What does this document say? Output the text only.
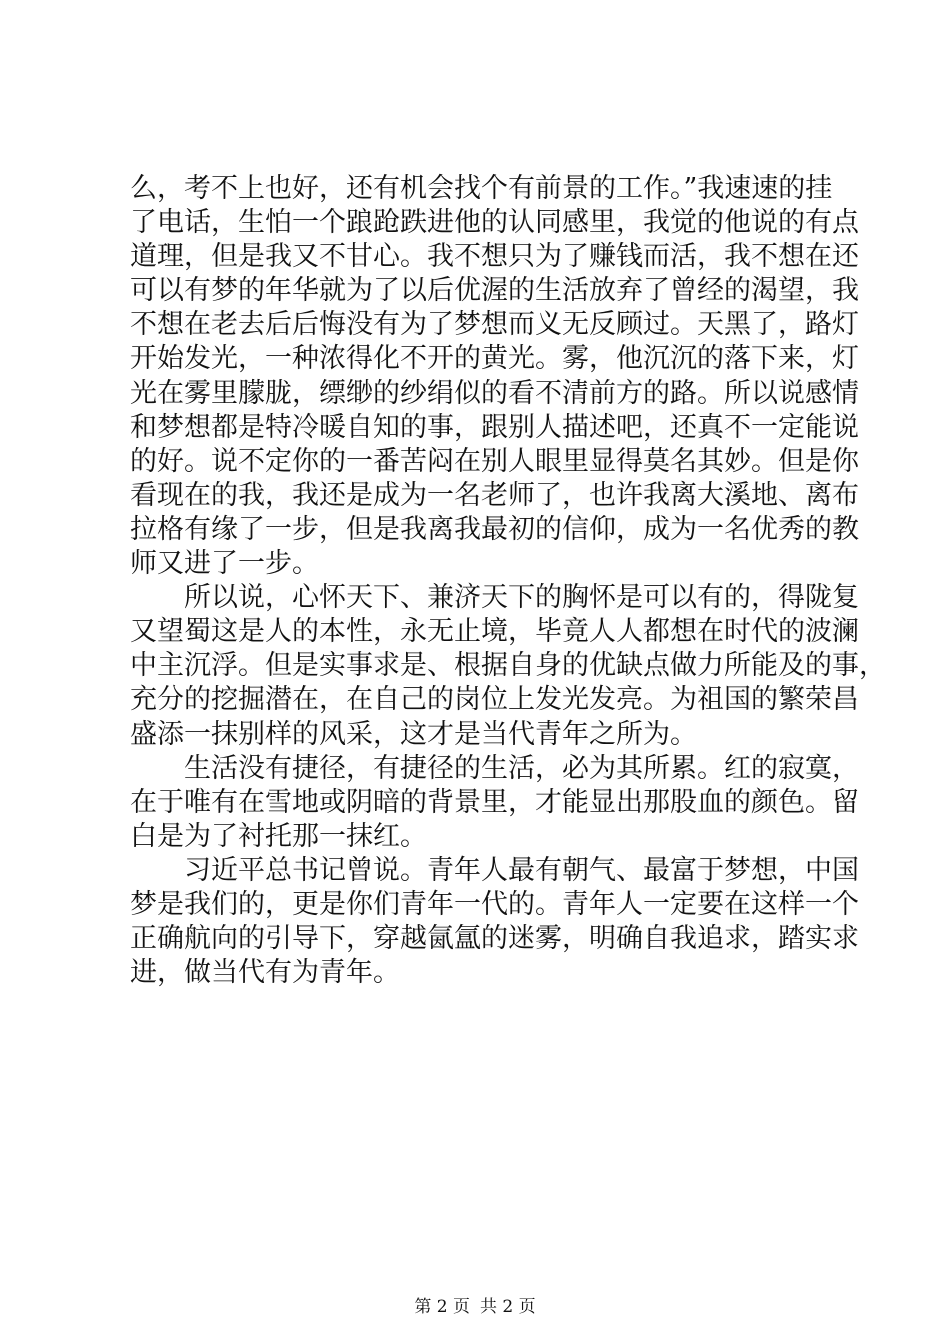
么，考不上也好，还有机会找个有前景的工作。”我速速的挂
了电话，生怕一个踉跄跌进他的认同感里，我觉的他说的有点
道理，但是我又不甘心。我不想只为了赚钱而活，我不想在还
可以有梦的年华就为了以后优渥的生活放弃了曾经的渴望，我
不想在老去后后悔没有为了梦想而义无反顾过。天黑了，路灯
开始发光，一种浓得化不开的黄光。雾，他沉沉的落下来，灯
光在雾里朦胧，缥缈的纱绢似的看不清前方的路。所以说感情
和梦想都是特冷暖自知的事，跟别人描述吧，还真不一定能说
的好。说不定你的一番苦闷在别人眼里显得莫名其妙。但是你
看现在的我，我还是成为一名老师了，也许我离大溪地、离布
拉格有缘了一步，但是我离我最初的信仰，成为一名优秀的教
师又进了一步。
所以说，心怀天下、兼济天下的胸怀是可以有的，得陇复
又望蜀这是人的本性，永无止境，毕竟人人都想在时代的波澜
中主沉浮。但是实事求是、根据自身的优缺点做力所能及的事，
充分的挖掘潜在，在自己的岗位上发光发亮。为祖国的繁荣昌
盛添一抹别样的风采，这才是当代青年之所为。
生活没有捷径，有捷径的生活，必为其所累。红的寂寞，
在于唯有在雪地或阴暗的背景里，才能显出那股血的颜色。留
白是为了衬托那一抹红。
习近平总书记曾说。青年人最有朝气、最富于梦想，中国
梦是我们的，更是你们青年一代的。青年人一定要在这样一个
正确航向的引导下，穿越氤氲的迷雾，明确自我追求，踏实求
进，做当代有为青年。
第 2 页 共 2 页
